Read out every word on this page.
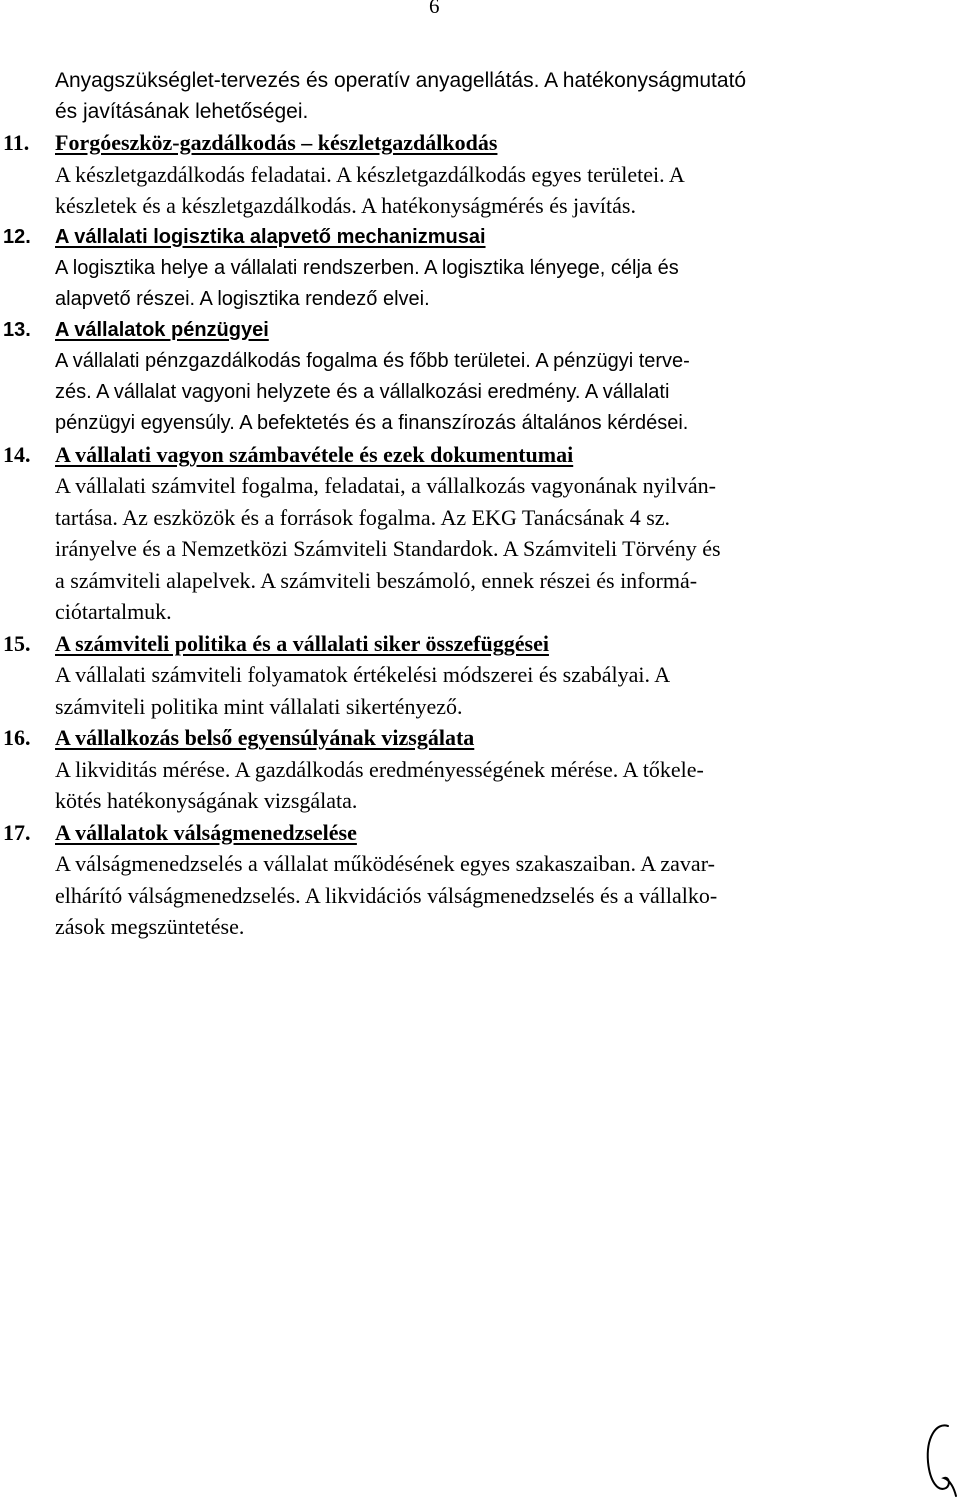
6
Anyagszükséglet-tervezés és operatív anyagellátás. A hatékonyságmutató
és javításának lehetőségei.
11. Forgóeszköz-gazdálkodás – készletgazdálkodás
A készletgazdálkodás feladatai. A készletgazdálkodás egyes területei. A
készletek és a készletgazdálkodás. A hatékonyságmérés és javítás.
12. A vállalati logisztika alapvető mechanizmusai
A logisztika helye a vállalati rendszerben. A logisztika lényege, célja és
alapvető részei. A logisztika rendező elvei.
13. A vállalatok pénzügyei
A vállalati pénzgazdálkodás fogalma és főbb területei. A pénzügyi terve-
zés. A vállalat vagyoni helyzete és a vállalkozási eredmény. A vállalati
pénzügyi egyensúly. A befektetés és a finanszírozás általános kérdései.
14. A vállalati vagyon számbavétele és ezek dokumentumai
A vállalati számvitel fogalma, feladatai, a vállalkozás vagyonának nyilván-
tartása. Az eszközök és a források fogalma. Az EKG Tanácsának 4 sz.
irányelve és a Nemzetközi Számviteli Standardok. A Számviteli Törvény és
a számviteli alapelvek. A számviteli beszámoló, ennek részei és informá-
ciótartalmuk.
15. A számviteli politika és a vállalati siker összefüggései
A vállalati számviteli folyamatok értékelési módszerei és szabályai. A
számviteli politika mint vállalati sikertényező.
16. A vállalkozás belső egyensúlyának vizsgálata
A likviditás mérése. A gazdálkodás eredményességének mérése. A tőkele-
kötés hatékonyságának vizsgálata.
17. A vállalatok válságmenedzselése
A válságmenedzselés a vállalat működésének egyes szakaszaiban. A zavar-
elhárító válságmenedzselés. A likvidációs válságmenedzselés és a vállalko-
zások megszüntetése.
